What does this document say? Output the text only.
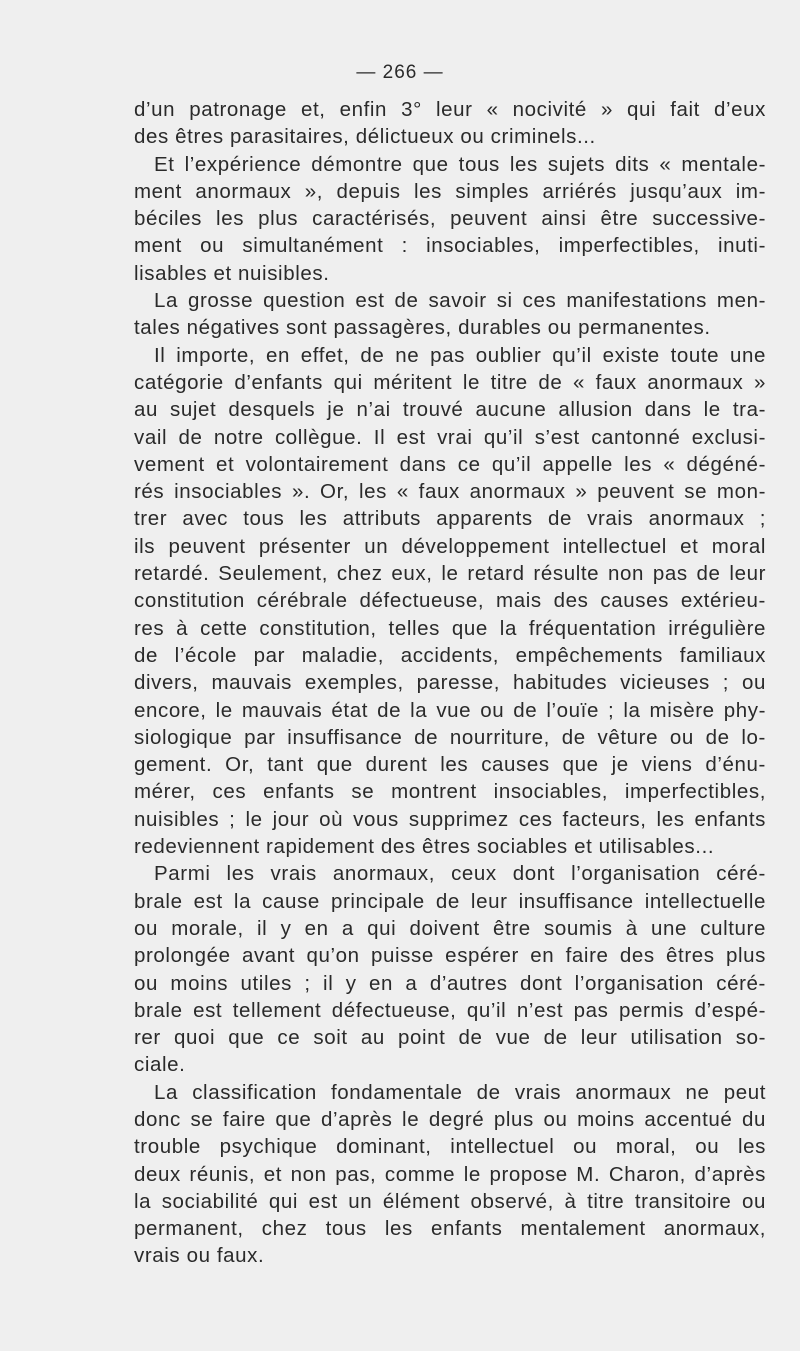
— 266 —

d’un patronage et, enfin 3° leur « nocivité » qui fait d’eux
des êtres parasitaires, délictueux ou criminels...

Et l’expérience démontre que tous les sujets dits « mentale-
ment anormaux », depuis les simples arriérés jusqu’aux im-
béciles les plus caractérisés, peuvent ainsi être successive-
ment ou simultanément : insociables, imperfectibles, inuti-
lisables et nuisibles.

La grosse question est de savoir si ces manifestations men-
tales négatives sont passagères, durables ou permanentes.

Il importe, en effet, de ne pas oublier qu’il existe toute une
catégorie d’enfants qui méritent le titre de « faux anormaux »
au sujet desquels je n’ai trouvé aucune allusion dans le tra-
vail de notre collègue. Il est vrai qu’il s’est cantonné exclusi-
vement et volontairement dans ce qu’il appelle les « dégéné-
rés insociables ». Or, les « faux anormaux » peuvent se mon-
trer avec tous les attributs apparents de vrais anormaux ;
ils peuvent présenter un développement intellectuel et moral
retardé. Seulement, chez eux, le retard résulte non pas de leur
constitution cérébrale défectueuse, mais des causes extérieu-
res à cette constitution, telles que la fréquentation irrégulière
de l’école par maladie, accidents, empêchements familiaux
divers, mauvais exemples, paresse, habitudes vicieuses ; ou
encore, le mauvais état de la vue ou de l’ouïe ; la misère phy-
siologique par insuffisance de nourriture, de vêture ou de lo-
gement. Or, tant que durent les causes que je viens d’énu-
mérer, ces enfants se montrent insociables, imperfectibles,
nuisibles ; le jour où vous supprimez ces facteurs, les enfants
redeviennent rapidement des êtres sociables et utilisables...

Parmi les vrais anormaux, ceux dont l’organisation céré-
brale est la cause principale de leur insuffisance intellectuelle
ou morale, il y en a qui doivent être soumis à une culture
prolongée avant qu’on puisse espérer en faire des êtres plus
ou moins utiles ; il y en a d’autres dont l’organisation céré-
brale est tellement défectueuse, qu’il n’est pas permis d’espé-
rer quoi que ce soit au point de vue de leur utilisation so-
ciale.

La classification fondamentale de vrais anormaux ne peut
donc se faire que d’après le degré plus ou moins accentué du
trouble psychique dominant, intellectuel ou moral, ou les
deux réunis, et non pas, comme le propose M. Charon, d’après
la sociabilité qui est un élément observé, à titre transitoire ou
permanent, chez tous les enfants mentalement anormaux,
vrais ou faux.
